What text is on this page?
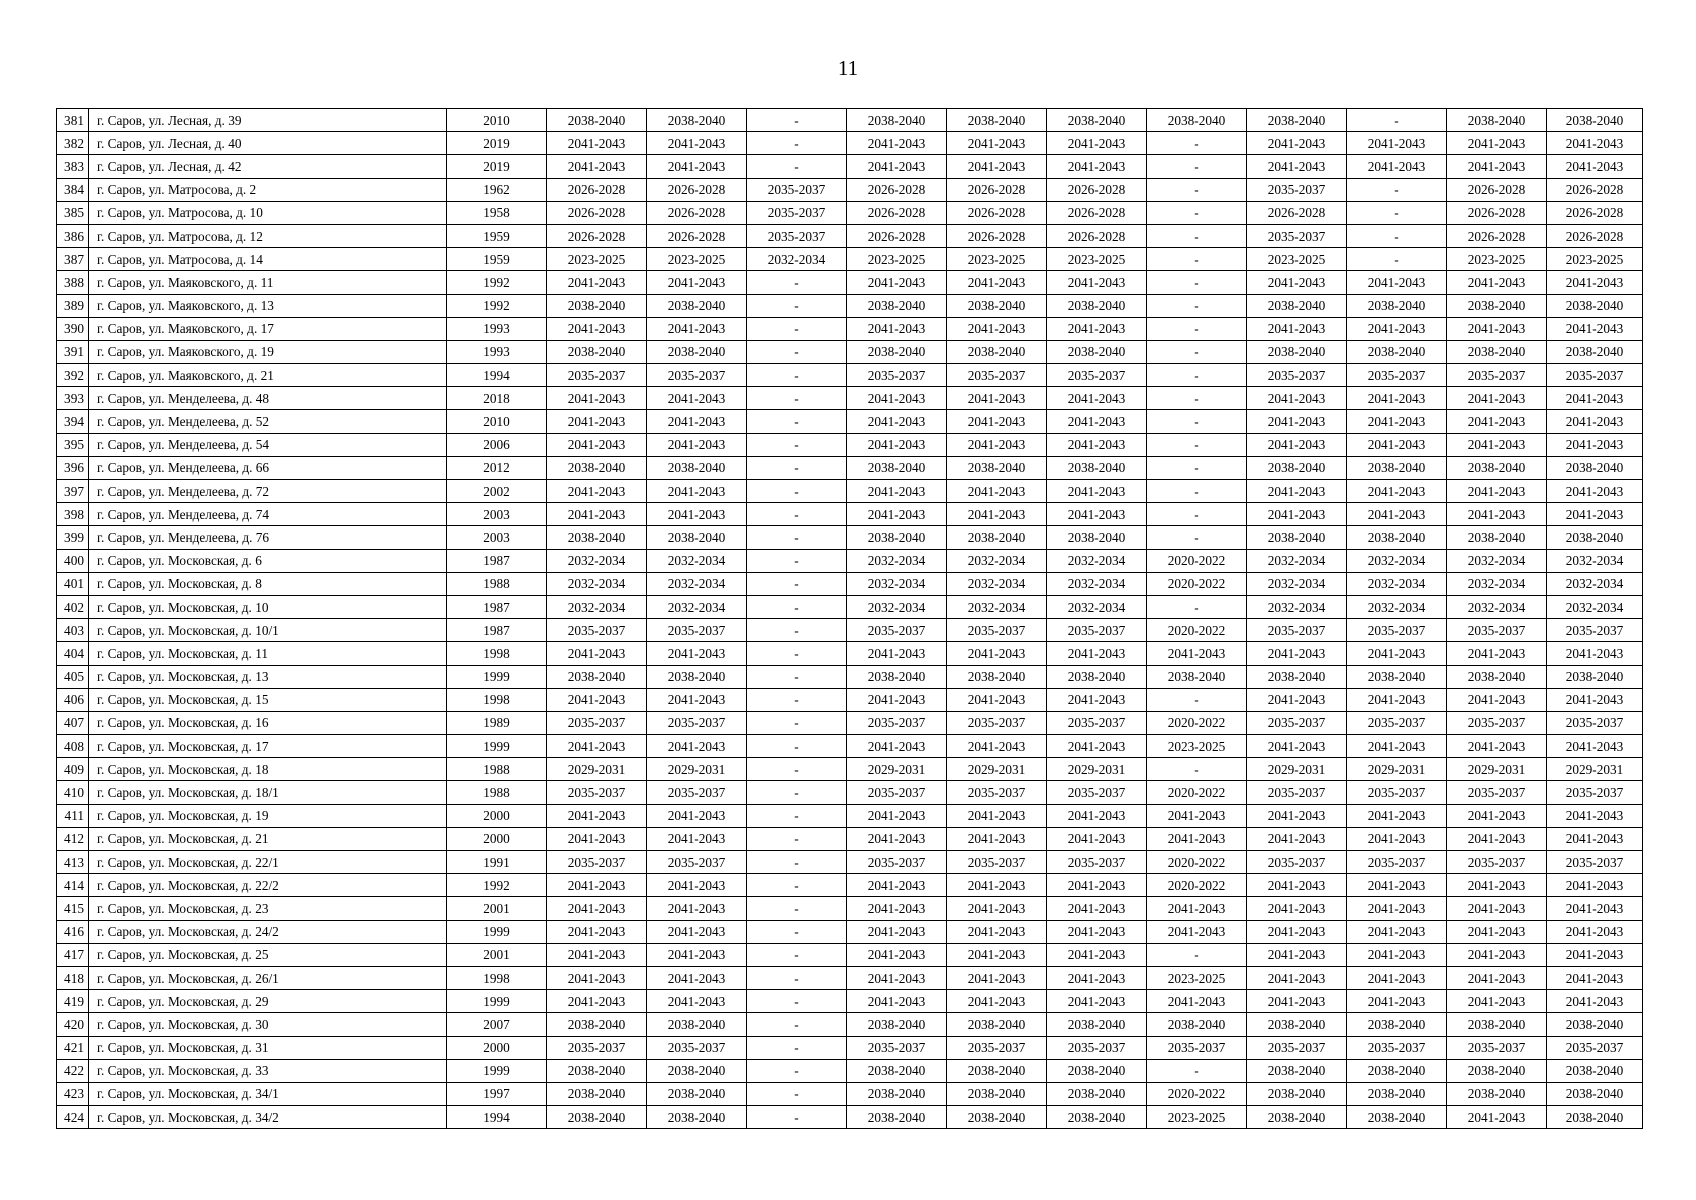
11
381	г. Саров, ул. Лесная, д. 39	2010	2038-2040	2038-2040	-	2038-2040	2038-2040	2038-2040	2038-2040	2038-2040	-	2038-2040	2038-2040
382	г. Саров, ул. Лесная, д. 40	2019	2041-2043	2041-2043	-	2041-2043	2041-2043	2041-2043	-	2041-2043	2041-2043	2041-2043	2041-2043
383	г. Саров, ул. Лесная, д. 42	2019	2041-2043	2041-2043	-	2041-2043	2041-2043	2041-2043	-	2041-2043	2041-2043	2041-2043	2041-2043
384	г. Саров, ул. Матросова, д. 2	1962	2026-2028	2026-2028	2035-2037	2026-2028	2026-2028	2026-2028	-	2035-2037	-	2026-2028	2026-2028
385	г. Саров, ул. Матросова, д. 10	1958	2026-2028	2026-2028	2035-2037	2026-2028	2026-2028	2026-2028	-	2026-2028	-	2026-2028	2026-2028
386	г. Саров, ул. Матросова, д. 12	1959	2026-2028	2026-2028	2035-2037	2026-2028	2026-2028	2026-2028	-	2035-2037	-	2026-2028	2026-2028
387	г. Саров, ул. Матросова, д. 14	1959	2023-2025	2023-2025	2032-2034	2023-2025	2023-2025	2023-2025	-	2023-2025	-	2023-2025	2023-2025
388	г. Саров, ул. Маяковского, д. 11	1992	2041-2043	2041-2043	-	2041-2043	2041-2043	2041-2043	-	2041-2043	2041-2043	2041-2043	2041-2043
389	г. Саров, ул. Маяковского, д. 13	1992	2038-2040	2038-2040	-	2038-2040	2038-2040	2038-2040	-	2038-2040	2038-2040	2038-2040	2038-2040
390	г. Саров, ул. Маяковского, д. 17	1993	2041-2043	2041-2043	-	2041-2043	2041-2043	2041-2043	-	2041-2043	2041-2043	2041-2043	2041-2043
391	г. Саров, ул. Маяковского, д. 19	1993	2038-2040	2038-2040	-	2038-2040	2038-2040	2038-2040	-	2038-2040	2038-2040	2038-2040	2038-2040
392	г. Саров, ул. Маяковского, д. 21	1994	2035-2037	2035-2037	-	2035-2037	2035-2037	2035-2037	-	2035-2037	2035-2037	2035-2037	2035-2037
393	г. Саров, ул. Менделеева, д. 48	2018	2041-2043	2041-2043	-	2041-2043	2041-2043	2041-2043	-	2041-2043	2041-2043	2041-2043	2041-2043
394	г. Саров, ул. Менделеева, д. 52	2010	2041-2043	2041-2043	-	2041-2043	2041-2043	2041-2043	-	2041-2043	2041-2043	2041-2043	2041-2043
395	г. Саров, ул. Менделеева, д. 54	2006	2041-2043	2041-2043	-	2041-2043	2041-2043	2041-2043	-	2041-2043	2041-2043	2041-2043	2041-2043
396	г. Саров, ул. Менделеева, д. 66	2012	2038-2040	2038-2040	-	2038-2040	2038-2040	2038-2040	-	2038-2040	2038-2040	2038-2040	2038-2040
397	г. Саров, ул. Менделеева, д. 72	2002	2041-2043	2041-2043	-	2041-2043	2041-2043	2041-2043	-	2041-2043	2041-2043	2041-2043	2041-2043
398	г. Саров, ул. Менделеева, д. 74	2003	2041-2043	2041-2043	-	2041-2043	2041-2043	2041-2043	-	2041-2043	2041-2043	2041-2043	2041-2043
399	г. Саров, ул. Менделеева, д. 76	2003	2038-2040	2038-2040	-	2038-2040	2038-2040	2038-2040	-	2038-2040	2038-2040	2038-2040	2038-2040
400	г. Саров, ул. Московская, д. 6	1987	2032-2034	2032-2034	-	2032-2034	2032-2034	2032-2034	2020-2022	2032-2034	2032-2034	2032-2034	2032-2034
401	г. Саров, ул. Московская, д. 8	1988	2032-2034	2032-2034	-	2032-2034	2032-2034	2032-2034	2020-2022	2032-2034	2032-2034	2032-2034	2032-2034
402	г. Саров, ул. Московская, д. 10	1987	2032-2034	2032-2034	-	2032-2034	2032-2034	2032-2034	-	2032-2034	2032-2034	2032-2034	2032-2034
403	г. Саров, ул. Московская, д. 10/1	1987	2035-2037	2035-2037	-	2035-2037	2035-2037	2035-2037	2020-2022	2035-2037	2035-2037	2035-2037	2035-2037
404	г. Саров, ул. Московская, д. 11	1998	2041-2043	2041-2043	-	2041-2043	2041-2043	2041-2043	2041-2043	2041-2043	2041-2043	2041-2043	2041-2043
405	г. Саров, ул. Московская, д. 13	1999	2038-2040	2038-2040	-	2038-2040	2038-2040	2038-2040	2038-2040	2038-2040	2038-2040	2038-2040	2038-2040
406	г. Саров, ул. Московская, д. 15	1998	2041-2043	2041-2043	-	2041-2043	2041-2043	2041-2043	-	2041-2043	2041-2043	2041-2043	2041-2043
407	г. Саров, ул. Московская, д. 16	1989	2035-2037	2035-2037	-	2035-2037	2035-2037	2035-2037	2020-2022	2035-2037	2035-2037	2035-2037	2035-2037
408	г. Саров, ул. Московская, д. 17	1999	2041-2043	2041-2043	-	2041-2043	2041-2043	2041-2043	2023-2025	2041-2043	2041-2043	2041-2043	2041-2043
409	г. Саров, ул. Московская, д. 18	1988	2029-2031	2029-2031	-	2029-2031	2029-2031	2029-2031	-	2029-2031	2029-2031	2029-2031	2029-2031
410	г. Саров, ул. Московская, д. 18/1	1988	2035-2037	2035-2037	-	2035-2037	2035-2037	2035-2037	2020-2022	2035-2037	2035-2037	2035-2037	2035-2037
411	г. Саров, ул. Московская, д. 19	2000	2041-2043	2041-2043	-	2041-2043	2041-2043	2041-2043	2041-2043	2041-2043	2041-2043	2041-2043	2041-2043
412	г. Саров, ул. Московская, д. 21	2000	2041-2043	2041-2043	-	2041-2043	2041-2043	2041-2043	2041-2043	2041-2043	2041-2043	2041-2043	2041-2043
413	г. Саров, ул. Московская, д. 22/1	1991	2035-2037	2035-2037	-	2035-2037	2035-2037	2035-2037	2020-2022	2035-2037	2035-2037	2035-2037	2035-2037
414	г. Саров, ул. Московская, д. 22/2	1992	2041-2043	2041-2043	-	2041-2043	2041-2043	2041-2043	2020-2022	2041-2043	2041-2043	2041-2043	2041-2043
415	г. Саров, ул. Московская, д. 23	2001	2041-2043	2041-2043	-	2041-2043	2041-2043	2041-2043	2041-2043	2041-2043	2041-2043	2041-2043	2041-2043
416	г. Саров, ул. Московская, д. 24/2	1999	2041-2043	2041-2043	-	2041-2043	2041-2043	2041-2043	2041-2043	2041-2043	2041-2043	2041-2043	2041-2043
417	г. Саров, ул. Московская, д. 25	2001	2041-2043	2041-2043	-	2041-2043	2041-2043	2041-2043	-	2041-2043	2041-2043	2041-2043	2041-2043
418	г. Саров, ул. Московская, д. 26/1	1998	2041-2043	2041-2043	-	2041-2043	2041-2043	2041-2043	2023-2025	2041-2043	2041-2043	2041-2043	2041-2043
419	г. Саров, ул. Московская, д. 29	1999	2041-2043	2041-2043	-	2041-2043	2041-2043	2041-2043	2041-2043	2041-2043	2041-2043	2041-2043	2041-2043
420	г. Саров, ул. Московская, д. 30	2007	2038-2040	2038-2040	-	2038-2040	2038-2040	2038-2040	2038-2040	2038-2040	2038-2040	2038-2040	2038-2040
421	г. Саров, ул. Московская, д. 31	2000	2035-2037	2035-2037	-	2035-2037	2035-2037	2035-2037	2035-2037	2035-2037	2035-2037	2035-2037	2035-2037
422	г. Саров, ул. Московская, д. 33	1999	2038-2040	2038-2040	-	2038-2040	2038-2040	2038-2040	-	2038-2040	2038-2040	2038-2040	2038-2040
423	г. Саров, ул. Московская, д. 34/1	1997	2038-2040	2038-2040	-	2038-2040	2038-2040	2038-2040	2020-2022	2038-2040	2038-2040	2038-2040	2038-2040
424	г. Саров, ул. Московская, д. 34/2	1994	2038-2040	2038-2040	-	2038-2040	2038-2040	2038-2040	2023-2025	2038-2040	2038-2040	2041-2043	2038-2040
